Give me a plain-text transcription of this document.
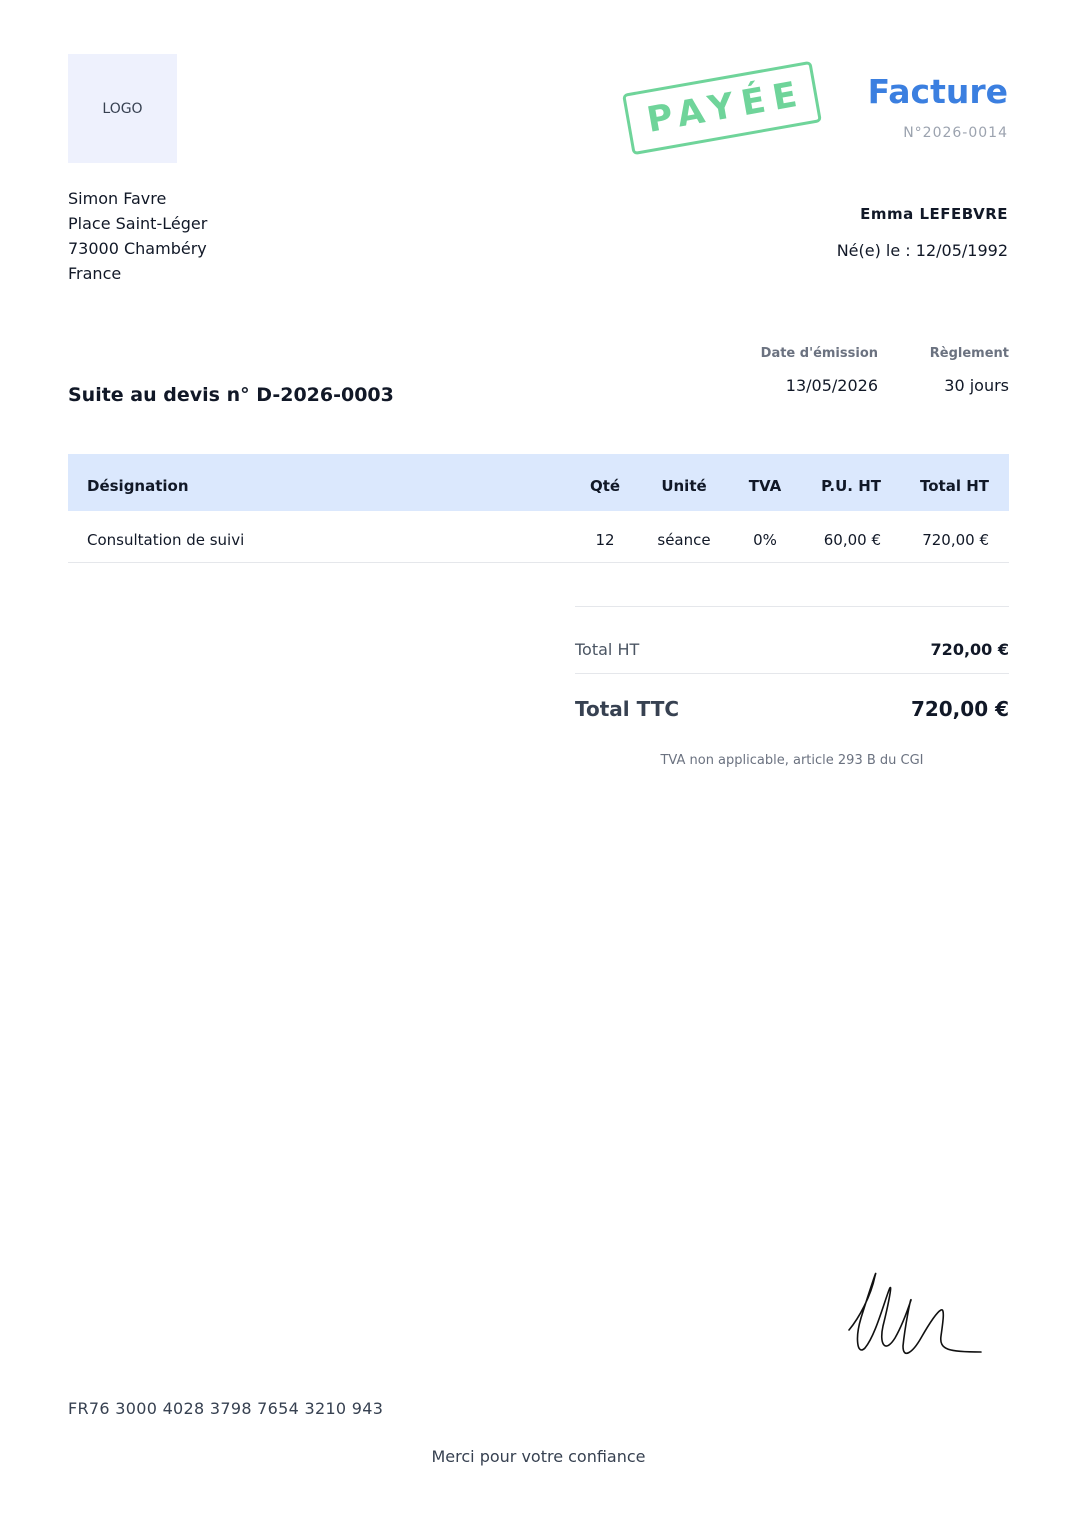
LOGO	PAYÉE Facture
N°2026-0014
Simon Favre
Place Saint-Léger
73000 Chambéry
France
Emma LEFEBVRE
Né(e) le : 12/05/1992
Date d'émission
13/05/2026
Règlement
30 jours
Suite au devis n° D-2026-0003
Désignation	Qté	Unité	TVA	P.U. HT	Total HT
Consultation de suivi	12	séance	0%	60,00 €	720,00 €
Total HT	720,00 €
Total TTC	720,00 €
TVA non applicable, article 293 B du CGI
FR76 3000 4028 3798 7654 3210 943
Merci pour votre confiance
